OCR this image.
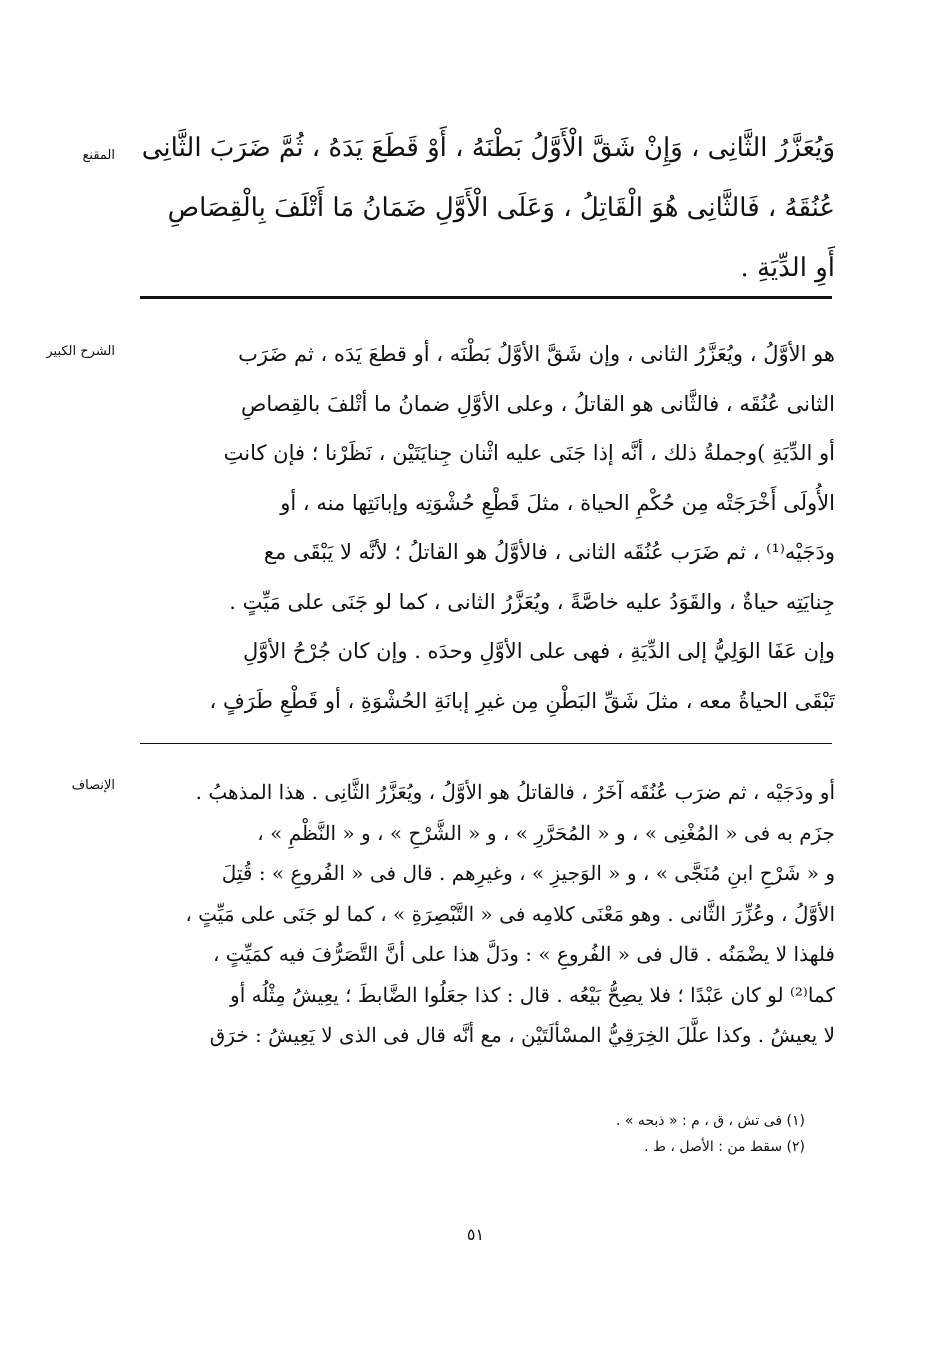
المقنع وَيُعَزَّرُ الثَّانِى ، وَإِنْ شَقَّ الْأَوَّلُ بَطْنَهُ ، أَوْ قَطَعَ يَدَهُ ، ثُمَّ ضَرَبَ الثَّانِى
عُنُقَهُ ، فَالثَّانِى هُوَ الْقَاتِلُ ، وَعَلَى الْأَوَّلِ ضَمَانُ مَا أَتْلَفَ بِالْقِصَاصِ
أَوِ الدِّيَةِ .
الشرح الكبير	هو الأوَّلُ ، ويُعَزَّرُ الثانى ، وإن شَقَّ الأوَّلُ بَطْنَه ، أو قطعَ يَدَه ، ثم ضَرَب
الثانى عُنُقَه ، فالثَّانى هو القاتلُ ، وعلى الأوَّلِ ضمانُ ما أتْلفَ بالقِصاصِ
أو الدِّيَةِ )وجملةُ ذلك ، أنَّه إذا جَنَى عليه اثْنان جِنايَتَيْن ، نَظَرْنا ؛ فإن كانتِ
الأُولَى أَخْرَجَتْه مِن حُكْمِ الحياة ، مثلَ قَطْعِ حُشْوَتِه وإبانَتِها منه ، أو
ودَجَيْه⁽¹⁾ ، ثم ضَرَب عُنُقَه الثانى ، فالأوَّلُ هو القاتلُ ؛ لأنَّه لا يَبْقَى مع
جِنايَتِه حياةٌ ، والقَوَدُ عليه خاصَّةً ، ويُعَزَّرُ الثانى ، كما لو جَنَى على مَيِّتٍ .
وإن عَفَا الوَلِيُّ إلى الدِّيَةِ ، فهى على الأوَّلِ وحدَه . وإن كان جُرْحُ الأوَّلِ
تَبْقَى الحياةُ معه ، مثلَ شَقِّ البَطْنِ مِن غيرِ إبانَةِ الحُشْوَةِ ، أو قَطْعِ طَرَفٍ ،
الإنصاف	أو ودَجَيْه ، ثم ضرَب عُنُقَه آخَرُ ، فالقاتلُ هو الأوَّلُ ، ويُعَزَّرُ الثَّانِى . هذا المذهبُ .
جزَم به فى « المُغْنِى » ، و « المُحَرَّرِ » ، و « الشَّرْحِ » ، و « النَّظْمِ » ،
و « شَرْحِ ابنِ مُنَجَّى » ، و « الوَجيزِ » ، وغيرِهم . قال فى « الفُروعِ » : قُتِلَ
الأوَّلُ ، وعُزِّرَ الثَّانى . وهو مَعْنَى كلامِه فى « التَّبْصِرَةِ » ، كما لو جَنَى على مَيِّتٍ ،
فلهذا لا يضْمَنُه . قال فى « الفُروعِ » : ودَلَّ هذا على أنَّ التَّصَرُّفَ فيه كمَيِّتٍ ،
كما⁽²⁾ لو كان عَبْدًا ؛ فلا يصِحُّ بَيْعُه . قال : كذا جعَلُوا الضَّابطَ ؛ يعِيشُ مِثْلُه أو
لا يعيشُ . وكذا علَّلَ الخِرَقِيُّ المسْألَتَيْن ، مع أنَّه قال فى الذى لا يَعِيشُ : خرَق
(١) فى تش ، ق ، م : « ذبحه » .
(٢) سقط من : الأصل ، ط .
٥١
